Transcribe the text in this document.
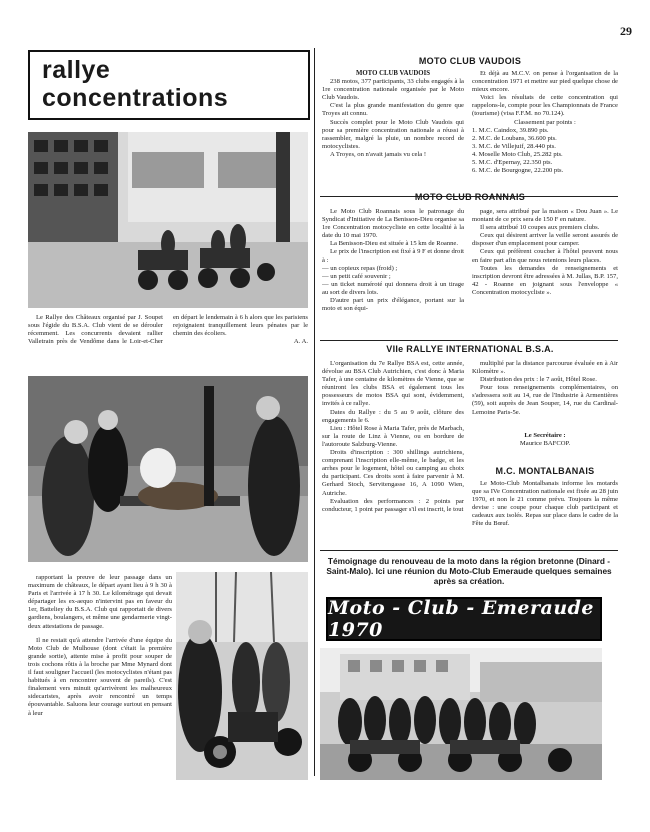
29
rallye
concentrations

Le Rallye des Châteaux organisé par J. Soupet sous l'égide du B.S.A. Club vient de se dérouler récemment. Les concurrents devaient rallier Valletrain près de Vendôme dans le Loir-et-Cher en départ le lendemain à 6 h alors que les parisiens rejoignaient tranquillement leurs pénates par le chemin des écoliers.

A. A.

rapportant la preuve de leur passage dans un maximum de châteaux, le départ ayant lieu à 9 h 30 à Paris et l'arrivée à 17 h 30. Le kilométrage qui devait départager les ex-aequo n'intervint pas en faveur du 1er, Batteliey du B.S.A. Club qui rapportait de divers gardiens, boulangers, et même une gendarmerie vingt-deux attestations de passage.

Il ne restait qu'à attendre l'arrivée d'une équipe du Moto Club de Mulhouse (dont c'était la première grande sortie), attente mise à profit pour souper de trois cochons rôtis à la broche par Mme Mynard dont il faut souligner l'accueil (les motocyclistes n'étant pas habitués à en rencontrer souvent de pareils). C'est finalement vers minuit qu'arrivèrent les malheureux sidecaristes, après avoir rencontré un temps épouvantable. Saluons leur courage surtout en pensant à leur

MOTO CLUB VAUDOIS
MOTO CLUB VAUDOIS

238 motos, 377 participants, 33 clubs engagés à la 1re concentration nationale organisée par le Moto Club Vaudois.

C'est la plus grande manifestation du genre que Troyes ait connu.

Succès complet pour le Moto Club Vaudois qui pour sa première concentration nationale a réussi à rassembler, malgré la pluie, un nombre record de motocyclistes.

A Troyes, on n'avait jamais vu cela !

Et déjà au M.C.V. on pense à l'organisation de la concentration 1971 et mettre sur pied quelque chose de mieux encore.

Voici les résultats de cette concentration qui rappelons-le, compte pour les Championnats de France (tourisme) (visa F.F.M. no 70.124).

Classement par points :
1. M.C. Caindox, 39.890 pts.
2. M.C. de Loubans, 36.600 pts.
3. M.C. de Villejuif, 28.440 pts.
4. Moselle Moto Club, 25.282 pts.
5. M.C. d'Epernay, 22.350 pts.
6. M.C. de Bourgogne, 22.200 pts.
MOTO CLUB ROANNAIS

Le Moto Club Roannais sous le patronage du Syndicat d'Initiative de La Benisson-Dieu organise sa 1re Concentration motocycliste en cette localité à la date du 10 mai 1970.

La Benisson-Dieu est située à 15 km de Roanne.

Le prix de l'inscription est fixé à 9 F et donne droit à :

— un copieux repas (froid) ;
— un petit café souvenir ;
— un ticket numéroté qui donnera droit à un tirage au sort de divers lots.

D'autre part un prix d'élégance, portant sur la moto et son équi-

page, sera attribué par la maison « Dou Juan ». Le montant de ce prix sera de 150 F en nature.

Il sera attribué 10 coupes aux premiers clubs.

Ceux qui désirent arriver la veille seront assurés de disposer d'un emplacement pour camper.

Ceux qui préfèrent coucher à l'hôtel peuvent nous en faire part afin que nous retenions leurs places.

Toutes les demandes de renseignements et inscription devront être adressées à M. Jullas, B.P. 157, 42 - Roanne en joignant sous l'enveloppe « Concentration motocycliste ».

VIIe RALLYE INTERNATIONAL B.S.A.

L'organisation du 7e Rallye BSA est, cette année, dévolue au BSA Club Autrichien, c'est donc à Maria Tafer, à une centaine de kilomètres de Vienne, que se réuniront les clubs BSA et également tous les possesseurs de motos BSA qui sont, évidemment, invités à ce rallye.

Dates du Rallye : du 5 au 9 août, clôture des engagements le 6.

Lieu : Hôtel Rose à Maria Tafer, près de Marbach, sur la route de Linz à Vienne, ou en bordure de l'autoroute Salzburg-Vienne.

Droits d'inscription : 300 shillings autrichiens, comprenant l'inscription elle-même, le badge, et les arrhes pour le logement, hôtel ou camping au choix du participant. Ces droits sont à faire parvenir à M. Gerhard Stoch, Servitengasse 16, A 1090 Wien, Autriche.

Evaluation des performances : 2 points par conducteur, 1 point par passager s'il est inscrit, le tout

multiplié par la distance parcourue évaluée en à Air Kilomètre ».

Distribution des prix : le 7 août, Hôtel Rose.

Pour tous renseignements complémentaires, on s'adressera soit au 14, rue de l'Industrie à Armentières (59), soit auprès de Jean Souper, 14, rue du Cardinal-Lemoine Paris-5e.

Le Secrétaire :
Maurice BAFCOP.
M.C. MONTALBANAIS

Le Moto-Club Montalbanais informe les motards que sa IVe Concentration nationale est fixée au 28 juin 1970, et non le 21 comme prévu. Toujours la même devise : une coupe pour chaque club participant et cadeaux aux isolés. Repas sur place dans le cadre de la Fête du Bœuf.

Témoignage du renouveau de la moto dans la région bretonne (Dinard - Saint-Malo). Ici une réunion du Moto-Club Emeraude quelques semaines après sa création.
Moto - Club - Emeraude 1970
